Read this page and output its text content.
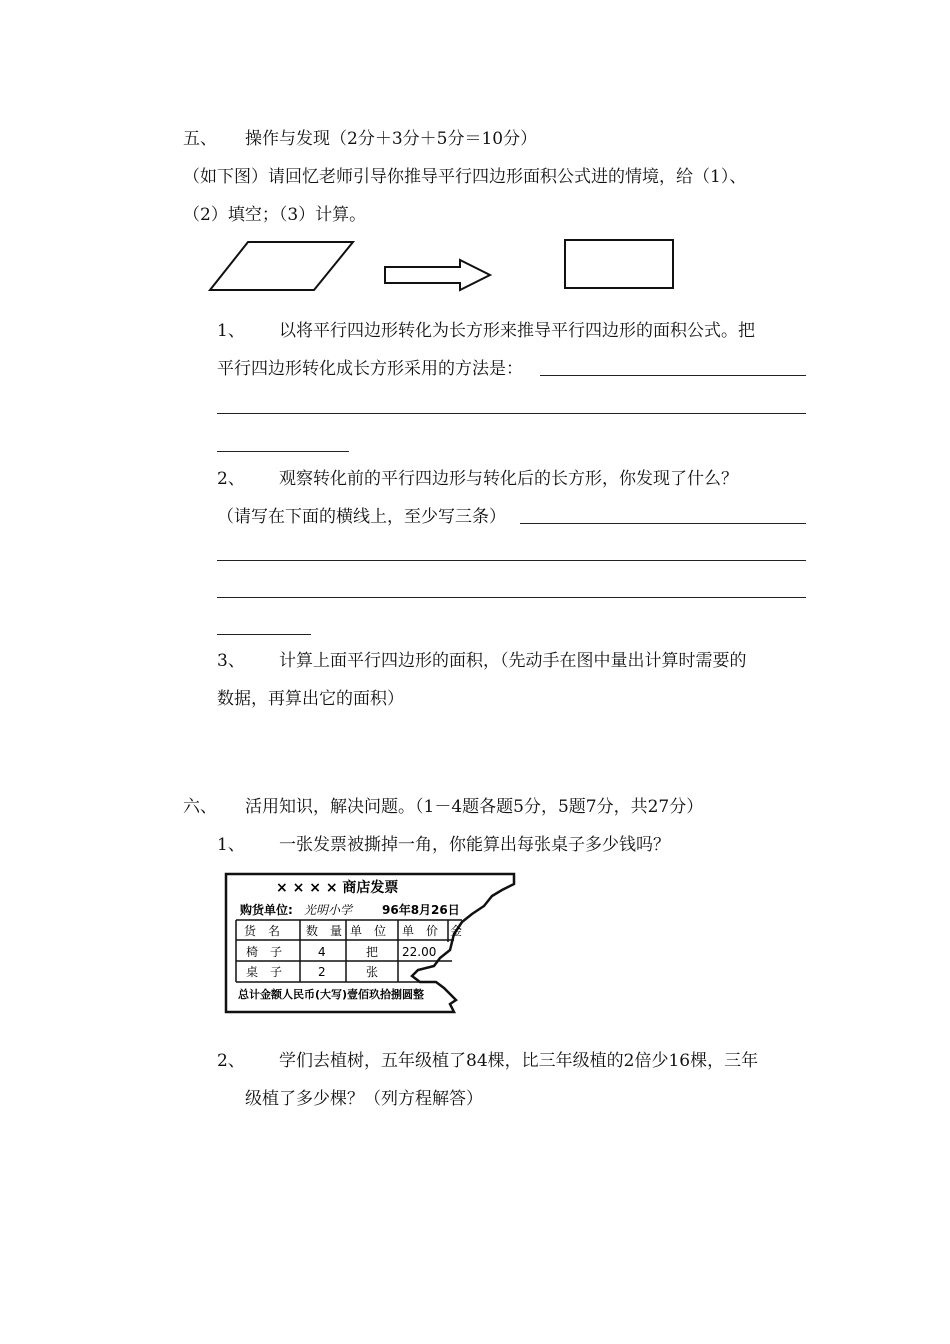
五、 操作与发现（2分＋3分＋5分＝10分）
（如下图）请回忆老师引导你推导平行四边形面积公式进的情境，给（1）、
（2）填空；（3）计算。
1、 以将平行四边形转化为长方形来推导平行四边形的面积公式。把
平行四边形转化成长方形采用的方法是：
2、 观察转化前的平行四边形与转化后的长方形，你发现了什么？
（请写在下面的横线上，至少写三条）
3、 计算上面平行四边形的面积，（先动手在图中量出计算时需要的
数据，再算出它的面积）
六、 活用知识，解决问题。（1－4题各题5分，5题7分，共27分）
1、 一张发票被撕掉一角，你能算出每张桌子多少钱吗？
× × × × 商店发票
购货单位: 光明小学 96年8月26日
货　名 数　量 单　位 单　价 金
椅　子	4	把 22.00
桌　子	2	张
总计金额人民币(大写)壹佰玖拾捌圆整
2、 学们去植树，五年级植了84棵，比三年级植的2倍少16棵，三年
级植了多少棵？（列方程解答）
